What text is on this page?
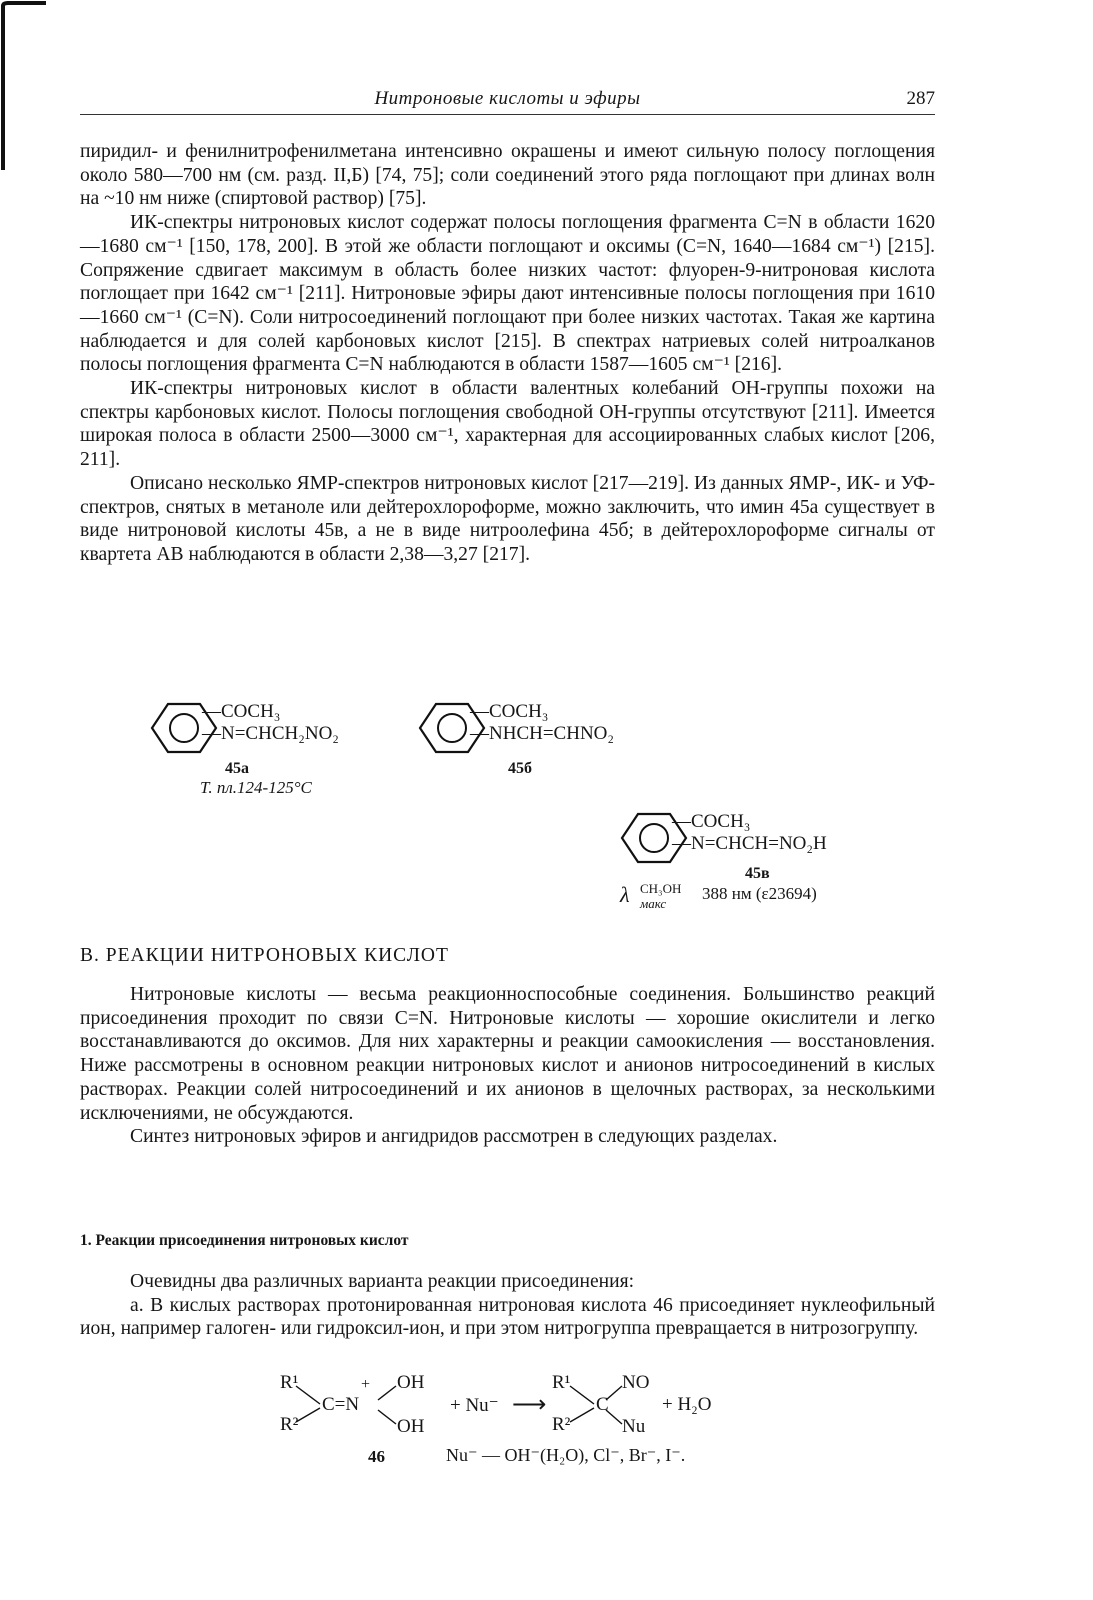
Нитроновые кислоты и эфиры	287

пиридил- и фенилнитрофенилметана интенсивно окрашены и имеют сильную полосу поглощения около 580—700 нм (см. разд. II,Б) [74, 75]; соли соединений этого ряда поглощают при длинах волн на ~10 нм ниже (спиртовой раствор) [75].

ИК-спектры нитроновых кислот содержат полосы поглощения фрагмента C=N в области 1620—1680 см⁻¹ [150, 178, 200]. В этой же области поглощают и оксимы (C=N, 1640—1684 см⁻¹) [215]. Сопряжение сдвигает максимум в область более низких частот: флуорен-9-нитроновая кислота поглощает при 1642 см⁻¹ [211]. Нитроновые эфиры дают интенсивные полосы поглощения при 1610—1660 см⁻¹ (C=N). Соли нитросоединений поглощают при более низких частотах. Такая же картина наблюдается и для солей карбоновых кислот [215]. В спектрах натриевых солей нитроалканов полосы поглощения фрагмента C=N наблюдаются в области 1587—1605 см⁻¹ [216].

ИК-спектры нитроновых кислот в области валентных колебаний OH-группы похожи на спектры карбоновых кислот. Полосы поглощения свободной OH-группы отсутствуют [211]. Имеется широкая полоса в области 2500—3000 см⁻¹, характерная для ассоциированных слабых кислот [206, 211].

Описано несколько ЯМР-спектров нитроновых кислот [217—219]. Из данных ЯМР-, ИК- и УФ-спектров, снятых в метаноле или дейтерохлороформе, можно заключить, что имин 45а существует в виде нитроновой кислоты 45в, а не в виде нитроолефина 45б; в дейтерохлороформе сигналы от квартета AB наблюдаются в области 2,38—3,27 [217].

—COCH₃
—N=CHCH₂NO₂
45а
Т. пл.124-125°C
—COCH₃
—NHCH=CHNO₂
45б
—COCH₃
—N=CHCH=NO₂H
45в
λ CH₃OH
макс
388 нм (ε23694)
В. РЕАКЦИИ НИТРОНОВЫХ КИСЛОТ

Нитроновые кислоты — весьма реакционноспособные соединения. Большинство реакций присоединения проходит по связи C=N. Нитроновые кислоты — хорошие окислители и легко восстанавливаются до оксимов. Для них характерны и реакции самоокисления — восстановления. Ниже рассмотрены в основном реакции нитроновых кислот и анионов нитросоединений в кислых растворах. Реакции солей нитросоединений и их анионов в щелочных растворах, за несколькими исключениями, не обсуждаются.

Синтез нитроновых эфиров и ангидридов рассмотрен в следующих разделах.

1. Реакции присоединения нитроновых кислот

Очевидны два различных варианта реакции присоединения:

а. В кислых растворах протонированная нитроновая кислота 46 присоединяет нуклеофильный ион, например галоген- или гидроксил-ион, и при этом нитрогруппа превращается в нитрозогруппу.

R¹
R²
C=N
+ OH
OH
+ Nu⁻ ⟶
R¹
R²
C
NO
Nu
+ H₂O
46	Nu⁻ — OH⁻(H₂O), Cl⁻, Br⁻, I⁻.
